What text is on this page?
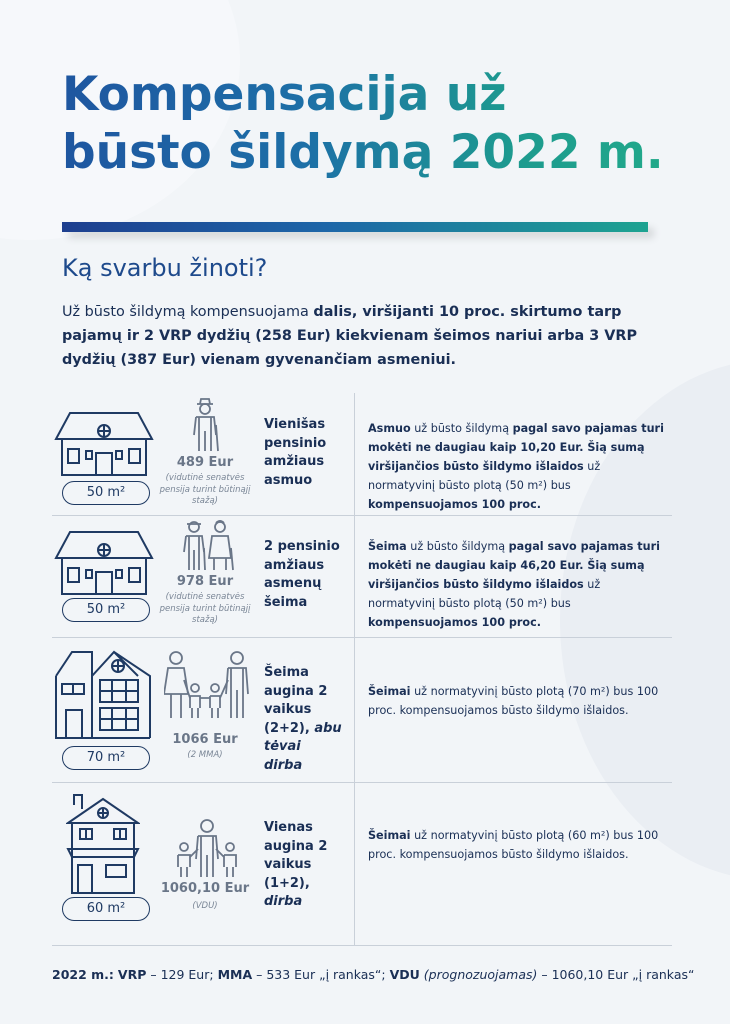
Kompensacija už
būsto šildymą 2022 m.
Ką svarbu žinoti?
Už būsto šildymą kompensuojama dalis, viršijanti 10 proc. skirtumo tarp pajamų ir 2 VRP dydžių (258 Eur) kiekvienam šeimos nariui arba 3 VRP dydžių (387 Eur) vienam gyvenančiam asmeniui.
50 m²
489 Eur
(vidutinė senatvės pensija turint būtinąjį stažą)
Vienišas pensinio amžiaus asmuo
Asmuo už būsto šildymą pagal savo pajamas turi mokėti ne daugiau kaip 10,20 Eur. Šią sumą viršijančios būsto šildymo išlaidos už normatyvinį būsto plotą (50 m²) bus kompensuojamos 100 proc.
50 m²
978 Eur
(vidutinė senatvės pensija turint būtinąjį stažą)
2 pensinio amžiaus asmenų šeima
Šeima už būsto šildymą pagal savo pajamas turi mokėti ne daugiau kaip 46,20 Eur. Šią sumą viršijančios būsto šildymo išlaidos už normatyvinį būsto plotą (50 m²) bus kompensuojamos 100 proc.
70 m²
1066 Eur
(2 MMA)
Šeima augina 2 vaikus (2+2), abu tėvai dirba
Šeimai už normatyvinį būsto plotą (70 m²) bus 100 proc. kompensuojamos būsto šildymo išlaidos.
60 m²
1060,10 Eur
(VDU)
Vienas augina 2 vaikus (1+2), dirba
Šeimai už normatyvinį būsto plotą (60 m²) bus 100 proc. kompensuojamos būsto šildymo išlaidos.
2022 m.: VRP – 129 Eur; MMA – 533 Eur „į rankas“; VDU (prognozuojamas) – 1060,10 Eur „į rankas“
